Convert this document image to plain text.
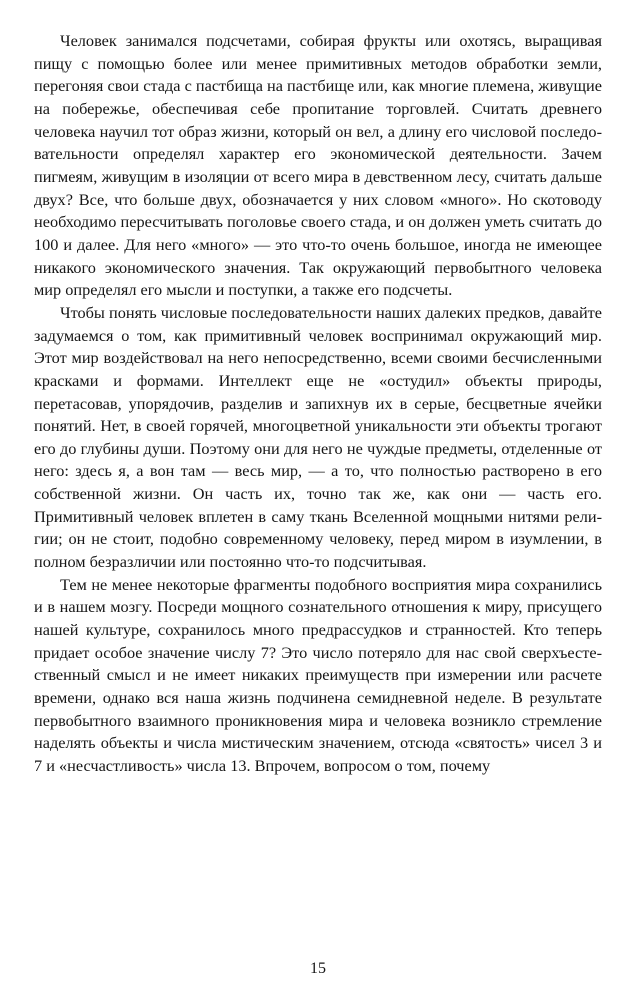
Человек занимался подсчетами, собирая фрукты или охотясь, выращивая пищу с помощью более или менее примитивных методов обработки земли, перегоняя свои стада с пастбища на пастбище или, как многие племена, живущие на побережье, обеспечивая себе пропитание торговлей. Считать древнего человека научил тот образ жизни, который он вел, а длину его числовой последовательности определял характер его экономической деятельности. Зачем пигмеям, живущим в изоляции от всего мира в девственном лесу, считать дальше двух? Все, что больше двух, обозначается у них словом «много». Но скотоводу необходимо пересчитывать поголовье своего стада, и он должен уметь считать до 100 и далее. Для него «много» — это что-то очень большое, иногда не имеющее никакого экономического значения. Так окружающий первобытного человека мир определял его мысли и поступки, а также его подсчеты.

Чтобы понять числовые последовательности наших далеких предков, давайте задумаемся о том, как примитивный человек воспринимал окружающий мир. Этот мир воздействовал на него непосредственно, всеми своими бесчисленными красками и формами. Интеллект еще не «остудил» объекты природы, перетасовав, упорядочив, разделив и запихнув их в серые, бесцветные ячейки понятий. Нет, в своей горячей, многоцветной уникальности эти объекты трогают его до глубины души. Поэтому они для него не чуждые предметы, отделенные от него: здесь я, а вон там — весь мир, — а то, что полностью растворено в его собственной жизни. Он часть их, точно так же, как они — часть его. Примитивный человек вплетен в саму ткань Вселенной мощными нитями религии; он не стоит, подобно современному человеку, перед миром в изумлении, в полном безразличии или постоянно что-то подсчитывая.

Тем не менее некоторые фрагменты подобного восприятия мира сохранились и в нашем мозгу. Посреди мощного сознательного отношения к миру, присущего нашей культуре, сохранилось много предрассудков и странностей. Кто теперь придает особое значение числу 7? Это число потеряло для нас свой сверхъестественный смысл и не имеет никаких преимуществ при измерении или расчете времени, однако вся наша жизнь подчинена семидневной неделе. В результате первобытного взаимного проникновения мира и человека возникло стремление наделять объекты и числа мистическим значением, отсюда «святость» чисел 3 и 7 и «несчастливость» числа 13. Впрочем, вопросом о том, почему

15
